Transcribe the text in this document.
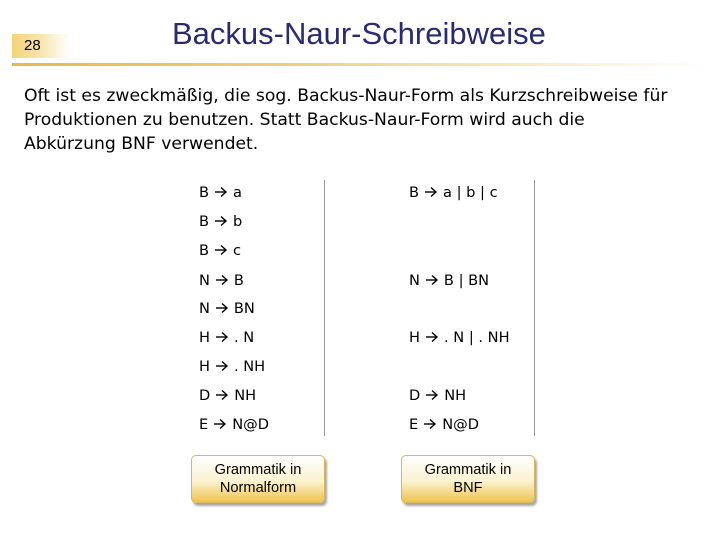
28	Backus-Naur-Schreibweise
Oft ist es zweckmäßig, die sog. Backus-Naur-Form als Kurzschreibweise für
Produktionen zu benutzen. Statt Backus-Naur-Form wird auch die
Abkürzung BNF verwendet.
B a
B b
B c
N B
N BN
H . N
H . NH
D NH
E N@D
B a | b | c
N B | BN
H . N | . NH
D NH
E N@D
Grammatik in
Normalform
Grammatik in
BNF
